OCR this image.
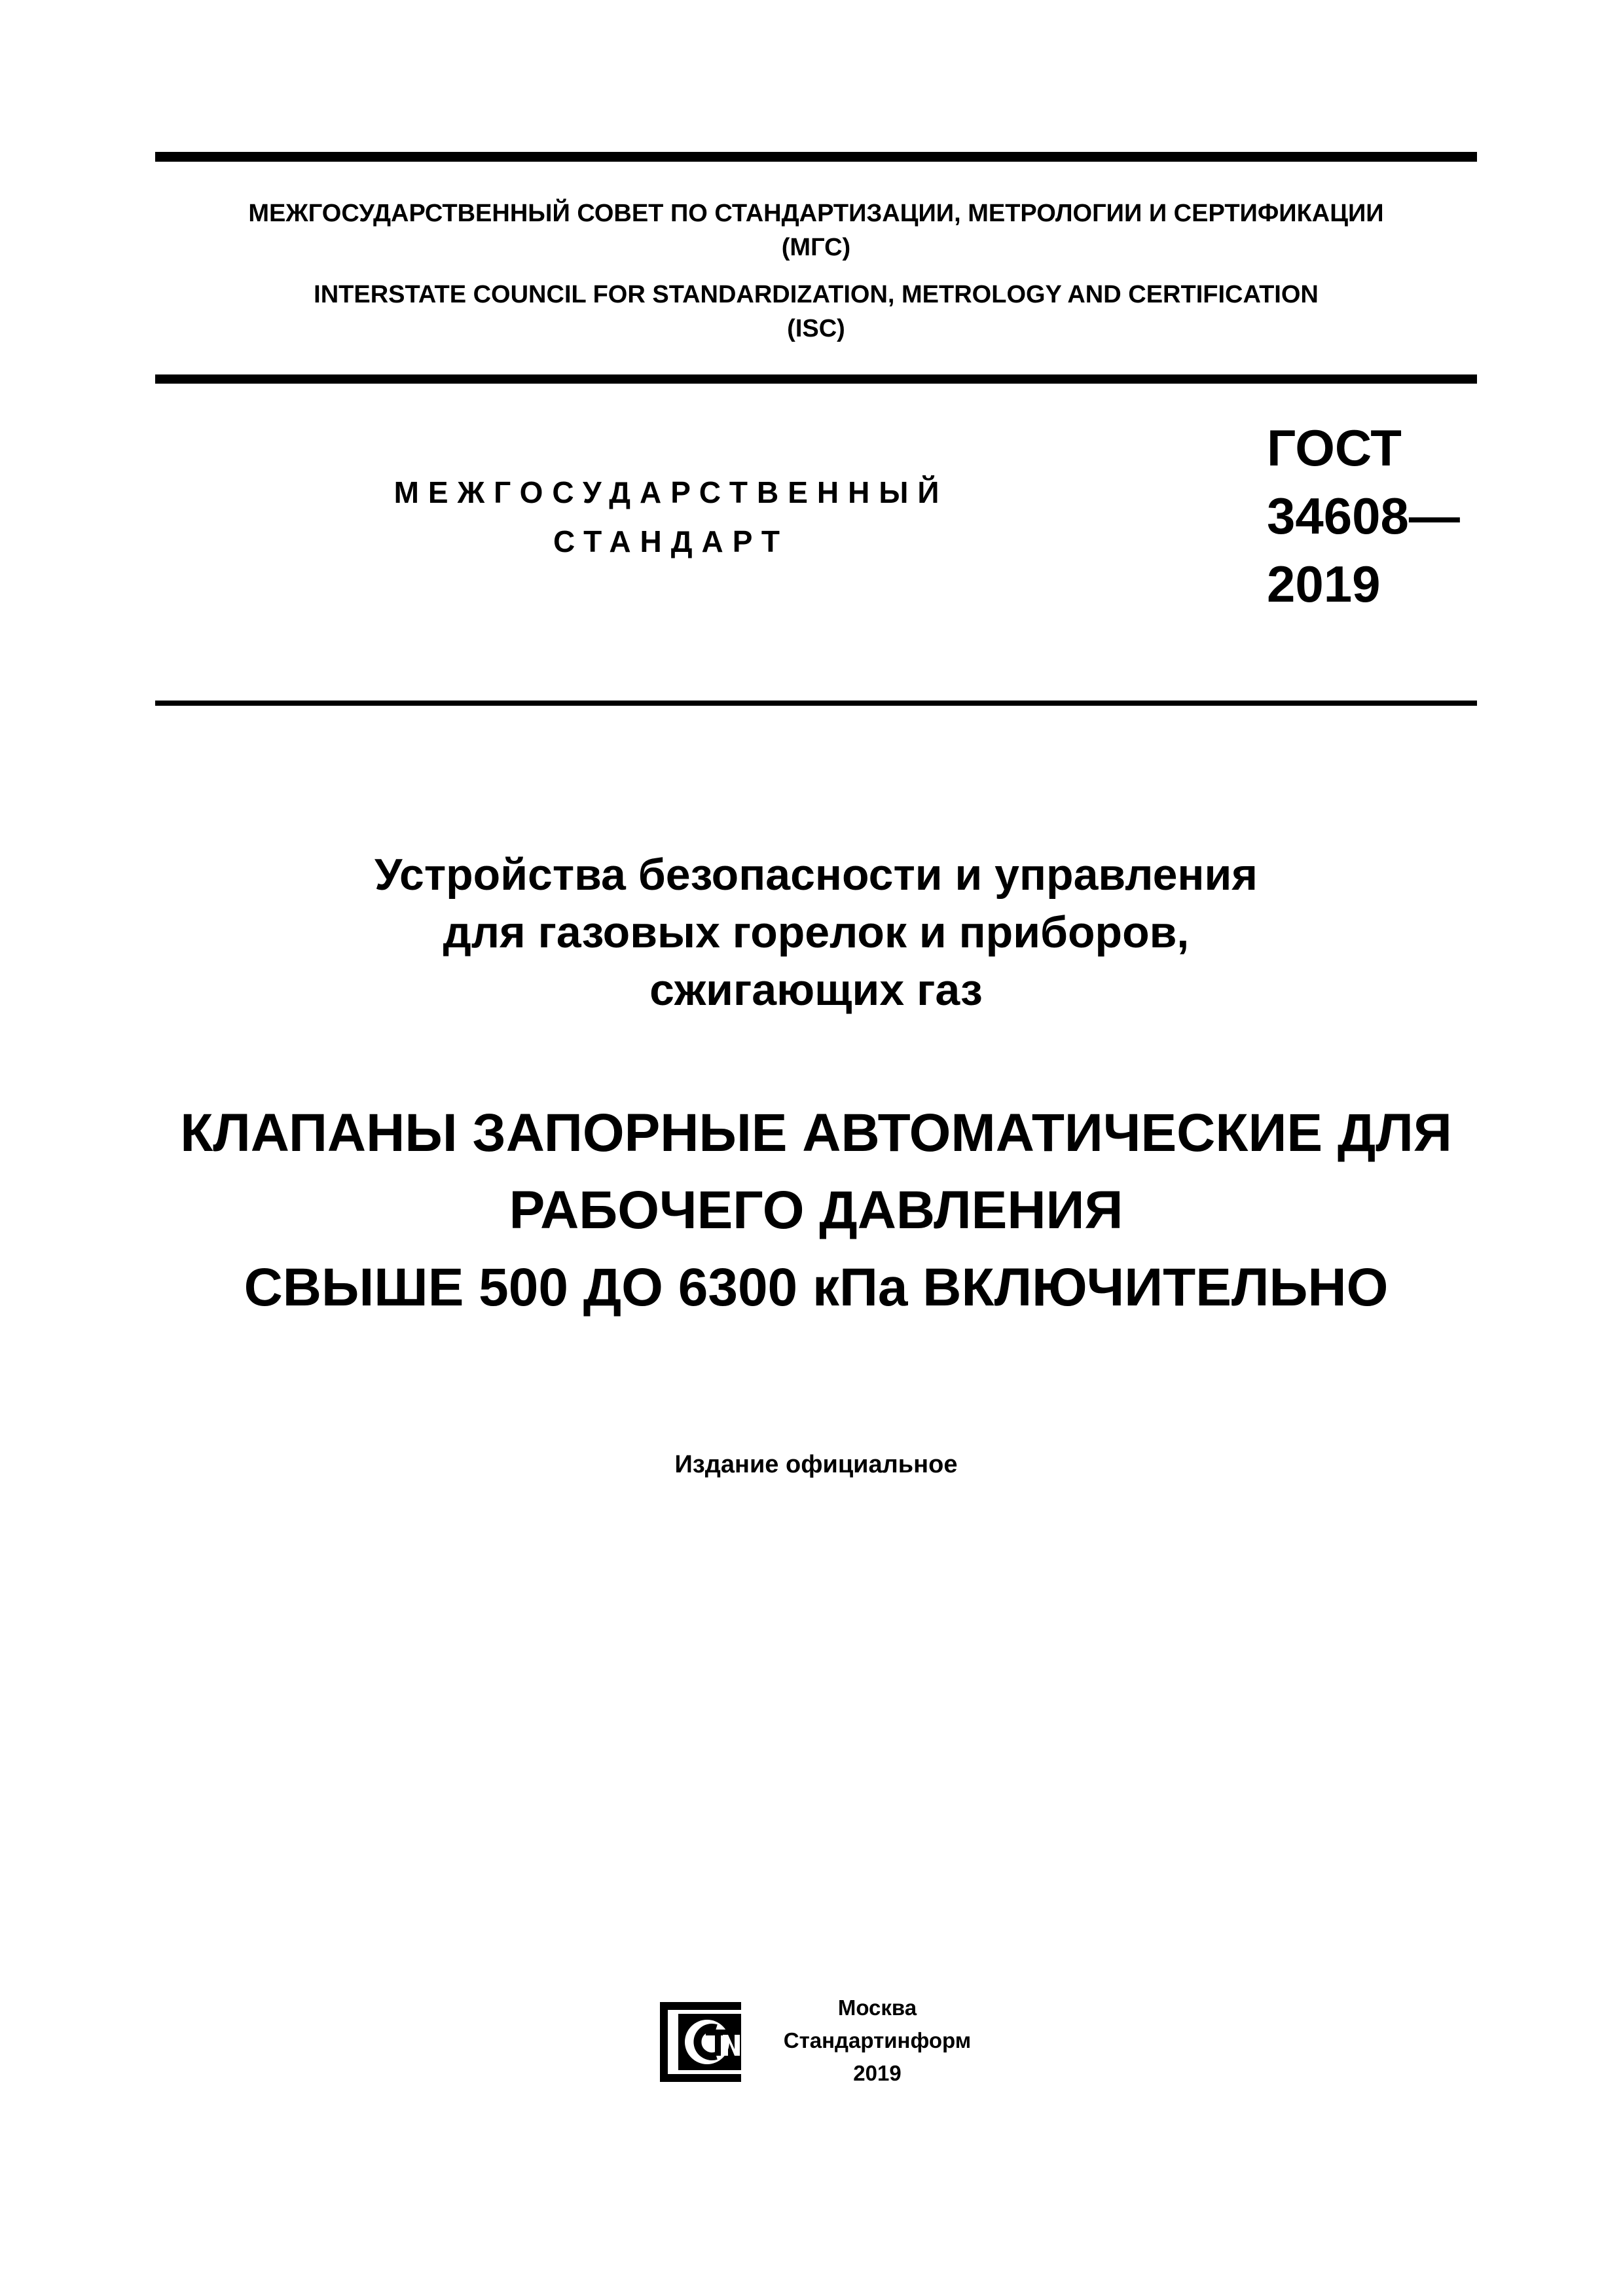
МЕЖГОСУДАРСТВЕННЫЙ СОВЕТ ПО СТАНДАРТИЗАЦИИ, МЕТРОЛОГИИ И СЕРТИФИКАЦИИ
(МГС)
INTERSTATE COUNCIL FOR STANDARDIZATION, METROLOGY AND CERTIFICATION
(ISC)
МЕЖГОСУДАРСТВЕННЫЙ
СТАНДАРТ
ГОСТ
34608—
2019
Устройства безопасности и управления
для газовых горелок и приборов,
сжигающих газ
КЛАПАНЫ ЗАПОРНЫЕ АВТОМАТИЧЕСКИЕ ДЛЯ
РАБОЧЕГО ДАВЛЕНИЯ
СВЫШЕ 500 ДО 6300 кПа ВКЛЮЧИТЕЛЬНО
Издание официальное
Москва
Стандартинформ
2019
